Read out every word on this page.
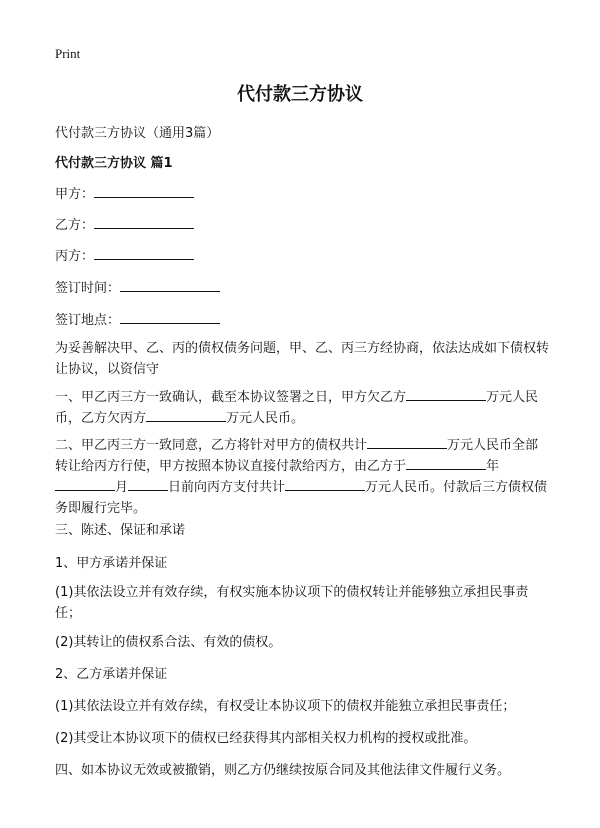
Print
代付款三方协议
代付款三方协议（通用3篇）
代付款三方协议 篇1
甲方：
乙方：
丙方：
签订时间：
签订地点：
为妥善解决甲、乙、丙的债权债务问题，甲、乙、丙三方经协商，依法达成如下债权转让协议，以资信守
一、甲乙丙三方一致确认，截至本协议签署之日，甲方欠乙方	万元人民币，乙方欠丙方	万元人民币。
二、甲乙丙三方一致同意，乙方将针对甲方的债权共计	万元人民币全部转让给丙方行使，甲方按照本协议直接付款给丙方，由乙方于	年月	日前向丙方支付共计	万元人民币。付款后三方债权债务即履行完毕。
三、陈述、保证和承诺
1、甲方承诺并保证
(1)其依法设立并有效存续，有权实施本协议项下的债权转让并能够独立承担民事责任；
(2)其转让的债权系合法、有效的债权。
2、乙方承诺并保证
(1)其依法设立并有效存续，有权受让本协议项下的债权并能独立承担民事责任；
(2)其受让本协议项下的债权已经获得其内部相关权力机构的授权或批准。
四、如本协议无效或被撤销，则乙方仍继续按原合同及其他法律文件履行义务。
